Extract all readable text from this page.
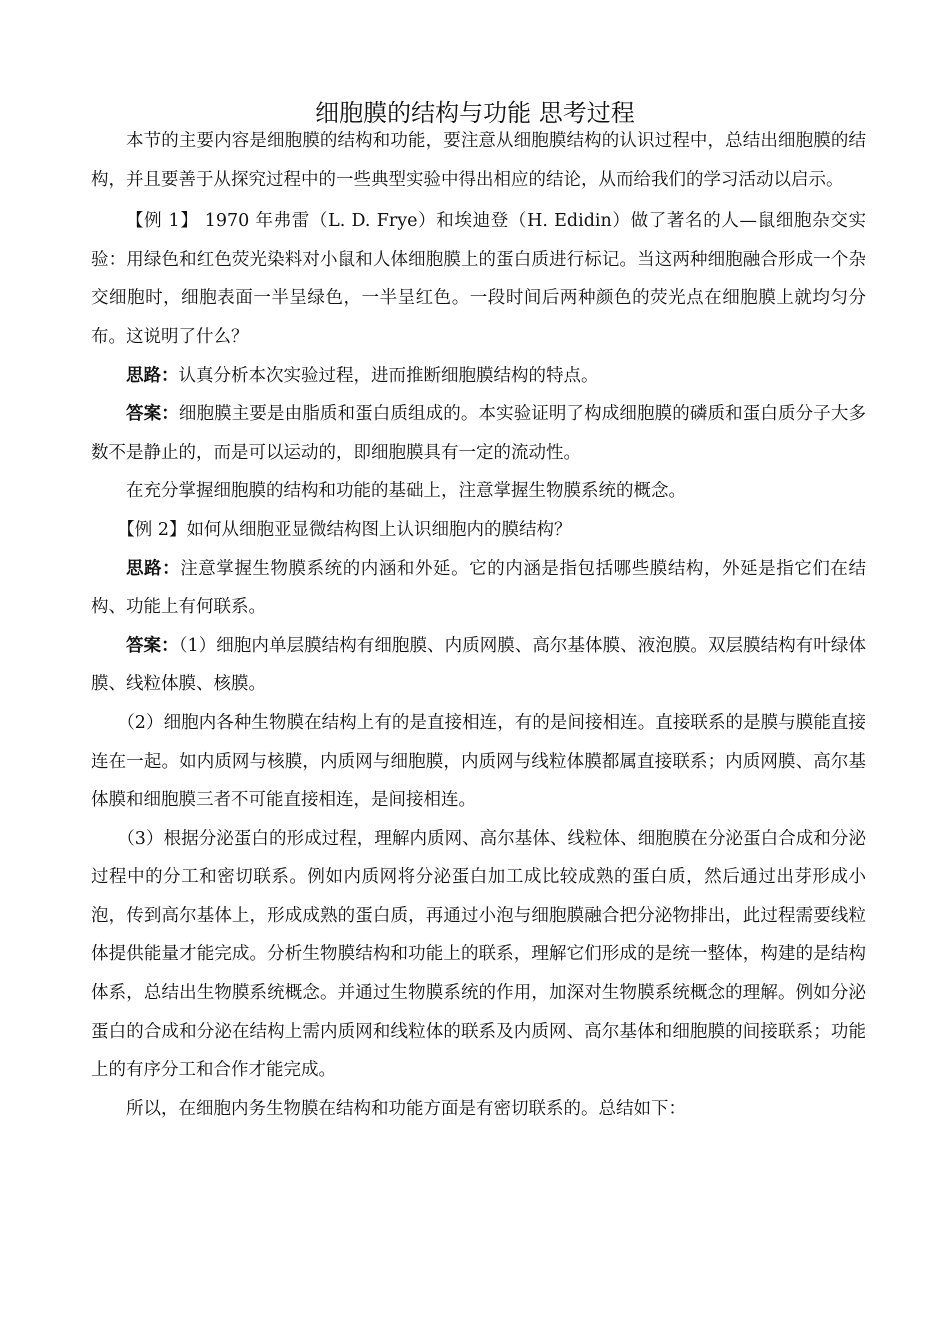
细胞膜的结构与功能 思考过程

本节的主要内容是细胞膜的结构和功能，要注意从细胞膜结构的认识过程中，总结出细胞膜的结构，并且要善于从探究过程中的一些典型实验中得出相应的结论，从而给我们的学习活动以启示。

【例 1】 1970 年弗雷（L. D. Frye）和埃迪登（H. Edidin）做了著名的人—鼠细胞杂交实验：用绿色和红色荧光染料对小鼠和人体细胞膜上的蛋白质进行标记。当这两种细胞融合形成一个杂交细胞时，细胞表面一半呈绿色，一半呈红色。一段时间后两种颜色的荧光点在细胞膜上就均匀分布。这说明了什么？

思路：认真分析本次实验过程，进而推断细胞膜结构的特点。

答案：细胞膜主要是由脂质和蛋白质组成的。本实验证明了构成细胞膜的磷质和蛋白质分子大多数不是静止的，而是可以运动的，即细胞膜具有一定的流动性。

在充分掌握细胞膜的结构和功能的基础上，注意掌握生物膜系统的概念。

【例 2】如何从细胞亚显微结构图上认识细胞内的膜结构？

思路：注意掌握生物膜系统的内涵和外延。它的内涵是指包括哪些膜结构，外延是指它们在结构、功能上有何联系。

答案：（1）细胞内单层膜结构有细胞膜、内质网膜、高尔基体膜、液泡膜。双层膜结构有叶绿体膜、线粒体膜、核膜。

（2）细胞内各种生物膜在结构上有的是直接相连，有的是间接相连。直接联系的是膜与膜能直接连在一起。如内质网与核膜，内质网与细胞膜，内质网与线粒体膜都属直接联系；内质网膜、高尔基体膜和细胞膜三者不可能直接相连，是间接相连。

（3）根据分泌蛋白的形成过程，理解内质网、高尔基体、线粒体、细胞膜在分泌蛋白合成和分泌过程中的分工和密切联系。例如内质网将分泌蛋白加工成比较成熟的蛋白质，然后通过出芽形成小泡，传到高尔基体上，形成成熟的蛋白质，再通过小泡与细胞膜融合把分泌物排出，此过程需要线粒体提供能量才能完成。分析生物膜结构和功能上的联系，理解它们形成的是统一整体，构建的是结构体系，总结出生物膜系统概念。并通过生物膜系统的作用，加深对生物膜系统概念的理解。例如分泌蛋白的合成和分泌在结构上需内质网和线粒体的联系及内质网、高尔基体和细胞膜的间接联系；功能上的有序分工和合作才能完成。

所以，在细胞内务生物膜在结构和功能方面是有密切联系的。总结如下：
